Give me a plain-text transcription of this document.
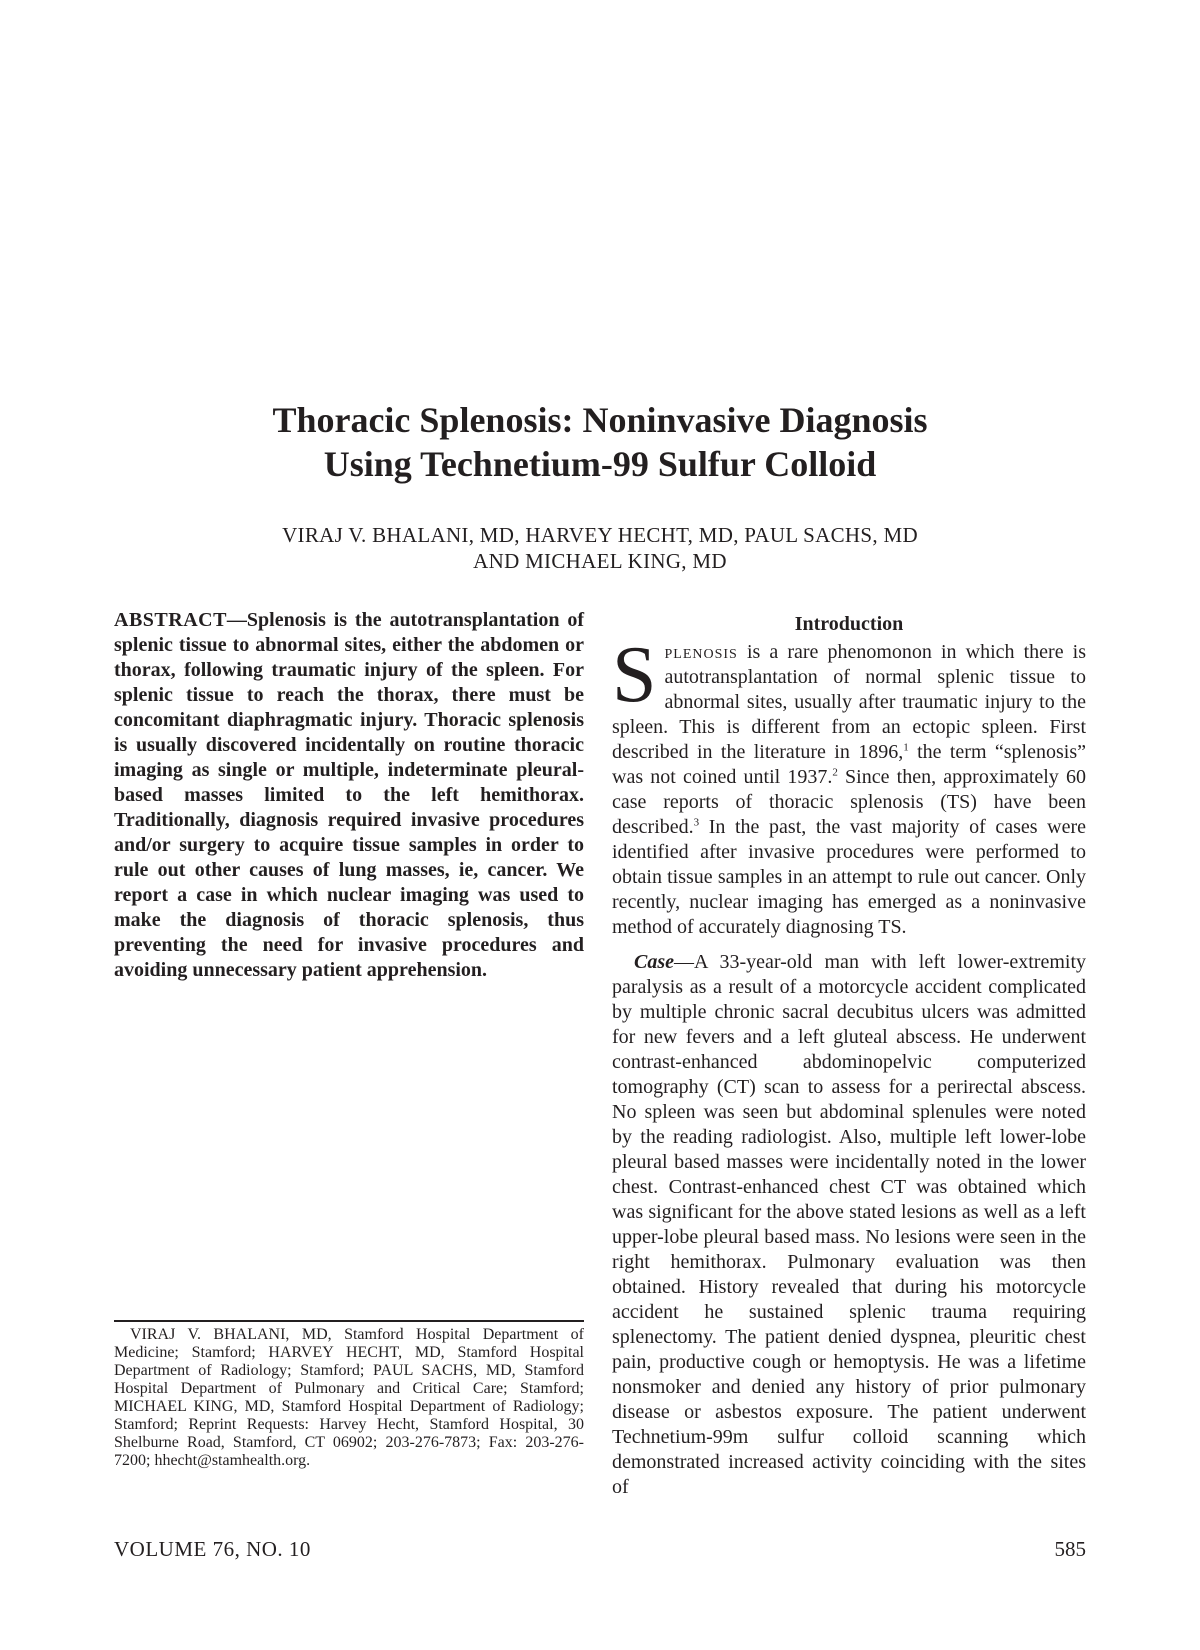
Thoracic Splenosis: Noninvasive Diagnosis
Using Technetium-99 Sulfur Colloid

VIRAJ V. BHALANI, MD, HARVEY HECHT, MD, PAUL SACHS, MD
AND MICHAEL KING, MD

ABSTRACT—Splenosis is the autotransplantation of splenic tissue to abnormal sites, either the abdomen or thorax, following traumatic injury of the spleen. For splenic tissue to reach the thorax, there must be concomitant diaphragmatic injury. Thoracic splenosis is usually discovered incidentally on routine thoracic imaging as single or multiple, indeterminate pleural-based masses limited to the left hemithorax. Traditionally, diagnosis required invasive procedures and/or surgery to acquire tissue samples in order to rule out other causes of lung masses, ie, cancer. We report a case in which nuclear imaging was used to make the diagnosis of thoracic splenosis, thus preventing the need for invasive procedures and avoiding unnecessary patient apprehension.

VIRAJ V. BHALANI, MD, Stamford Hospital Department of Medicine; Stamford; HARVEY HECHT, MD, Stamford Hospital Department of Radiology; Stamford; PAUL SACHS, MD, Stamford Hospital Department of Pulmonary and Critical Care; Stamford; MICHAEL KING, MD, Stamford Hospital Department of Radiology; Stamford; Reprint Requests: Harvey Hecht, Stamford Hospital, 30 Shelburne Road, Stamford, CT 06902; 203-276-7873; Fax: 203-276-7200; hhecht@stamhealth.org.

Introduction

Splenosis is a rare phenomonon in which there is autotransplantation of normal splenic tissue to abnormal sites, usually after traumatic injury to the spleen. This is different from an ectopic spleen. First described in the literature in 1896,$^1$ the term “splenosis” was not coined until 1937.$^2$ Since then, approximately 60 case reports of thoracic splenosis (TS) have been described.$^3$ In the past, the vast majority of cases were identified after invasive procedures were performed to obtain tissue samples in an attempt to rule out cancer. Only recently, nuclear imaging has emerged as a noninvasive method of accurately diagnosing TS.

Case—A 33-year-old man with left lower-extremity paralysis as a result of a motorcycle accident complicated by multiple chronic sacral decubitus ulcers was admitted for new fevers and a left gluteal abscess. He underwent contrast-enhanced abdominopelvic computerized tomography (CT) scan to assess for a perirectal abscess. No spleen was seen but abdominal splenules were noted by the reading radiologist. Also, multiple left lower-lobe pleural based masses were incidentally noted in the lower chest. Contrast-enhanced chest CT was obtained which was significant for the above stated lesions as well as a left upper-lobe pleural based mass. No lesions were seen in the right hemithorax. Pulmonary evaluation was then obtained. History revealed that during his motorcycle accident he sustained splenic trauma requiring splenectomy. The patient denied dyspnea, pleuritic chest pain, productive cough or hemoptysis. He was a lifetime nonsmoker and denied any history of prior pulmonary disease or asbestos exposure. The patient underwent Technetium-99m sulfur colloid scanning which demonstrated increased activity coinciding with the sites of

VOLUME 76, NO. 10	585
